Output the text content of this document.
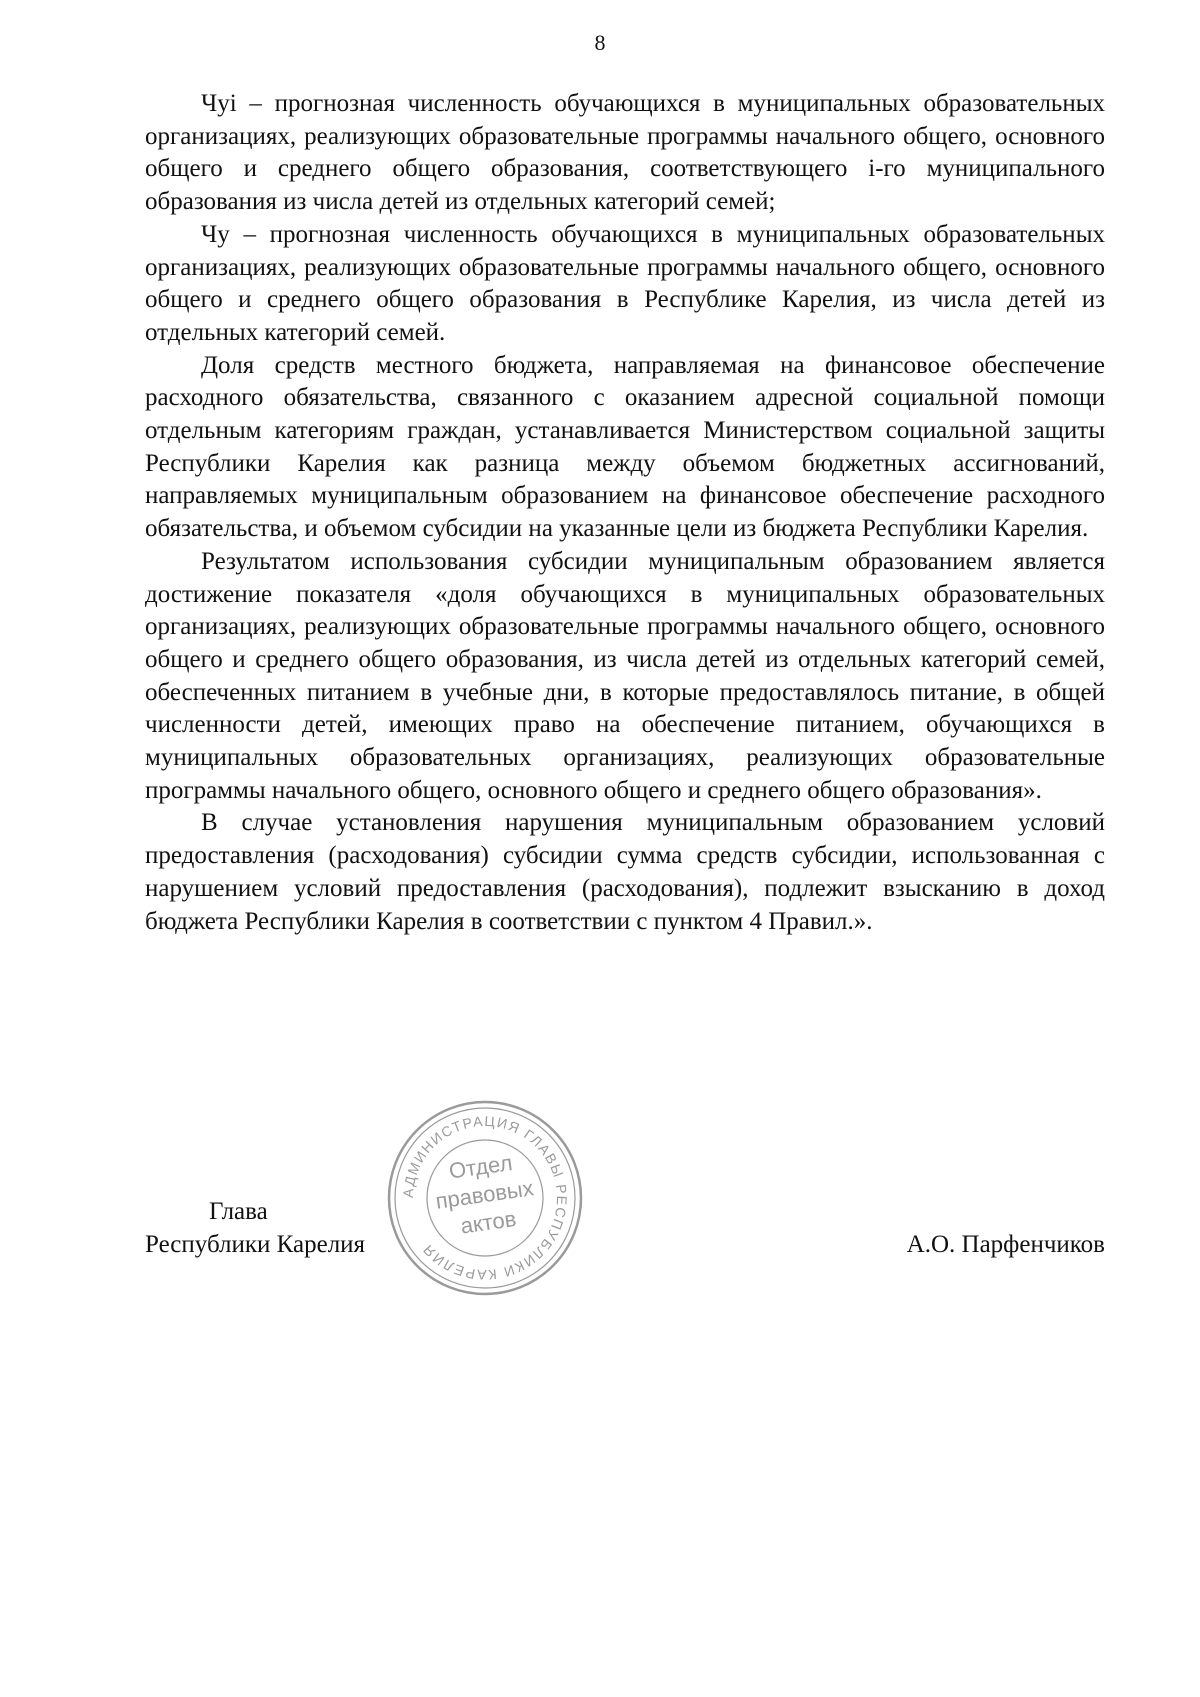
8

Чуi – прогнозная численность обучающихся в муниципальных образовательных организациях, реализующих образовательные программы начального общего, основного общего и среднего общего образования, соответствующего i-го муниципального образования из числа детей из отдельных категорий семей;

Чу – прогнозная численность обучающихся в муниципальных образовательных организациях, реализующих образовательные программы начального общего, основного общего и среднего общего образования в Республике Карелия, из числа детей из отдельных категорий семей.

Доля средств местного бюджета, направляемая на финансовое обеспечение расходного обязательства, связанного с оказанием адресной социальной помощи отдельным категориям граждан, устанавливается Министерством социальной защиты Республики Карелия как разница между объемом бюджетных ассигнований, направляемых муниципальным образованием на финансовое обеспечение расходного обязательства, и объемом субсидии на указанные цели из бюджета Республики Карелия.

Результатом использования субсидии муниципальным образованием является достижение показателя «доля обучающихся в муниципальных образовательных организациях, реализующих образовательные программы начального общего, основного общего и среднего общего образования, из числа детей из отдельных категорий семей, обеспеченных питанием в учебные дни, в которые предоставлялось питание, в общей численности детей, имеющих право на обеспечение питанием, обучающихся в муниципальных образовательных организациях, реализующих образовательные программы начального общего, основного общего и среднего общего образования».

В случае установления нарушения муниципальным образованием условий предоставления (расходования) субсидии сумма средств субсидии, использованная с нарушением условий предоставления (расходования), подлежит взысканию в доход бюджета Республики Карелия в соответствии с пунктом 4 Правил.».

Глава
Республики Карелия	А.О. Парфенчиков
АДМИНИСТРАЦИЯ ГЛАВЫ РЕСПУБЛИКИ КАРЕЛИЯ
Отдел
правовых
актов
